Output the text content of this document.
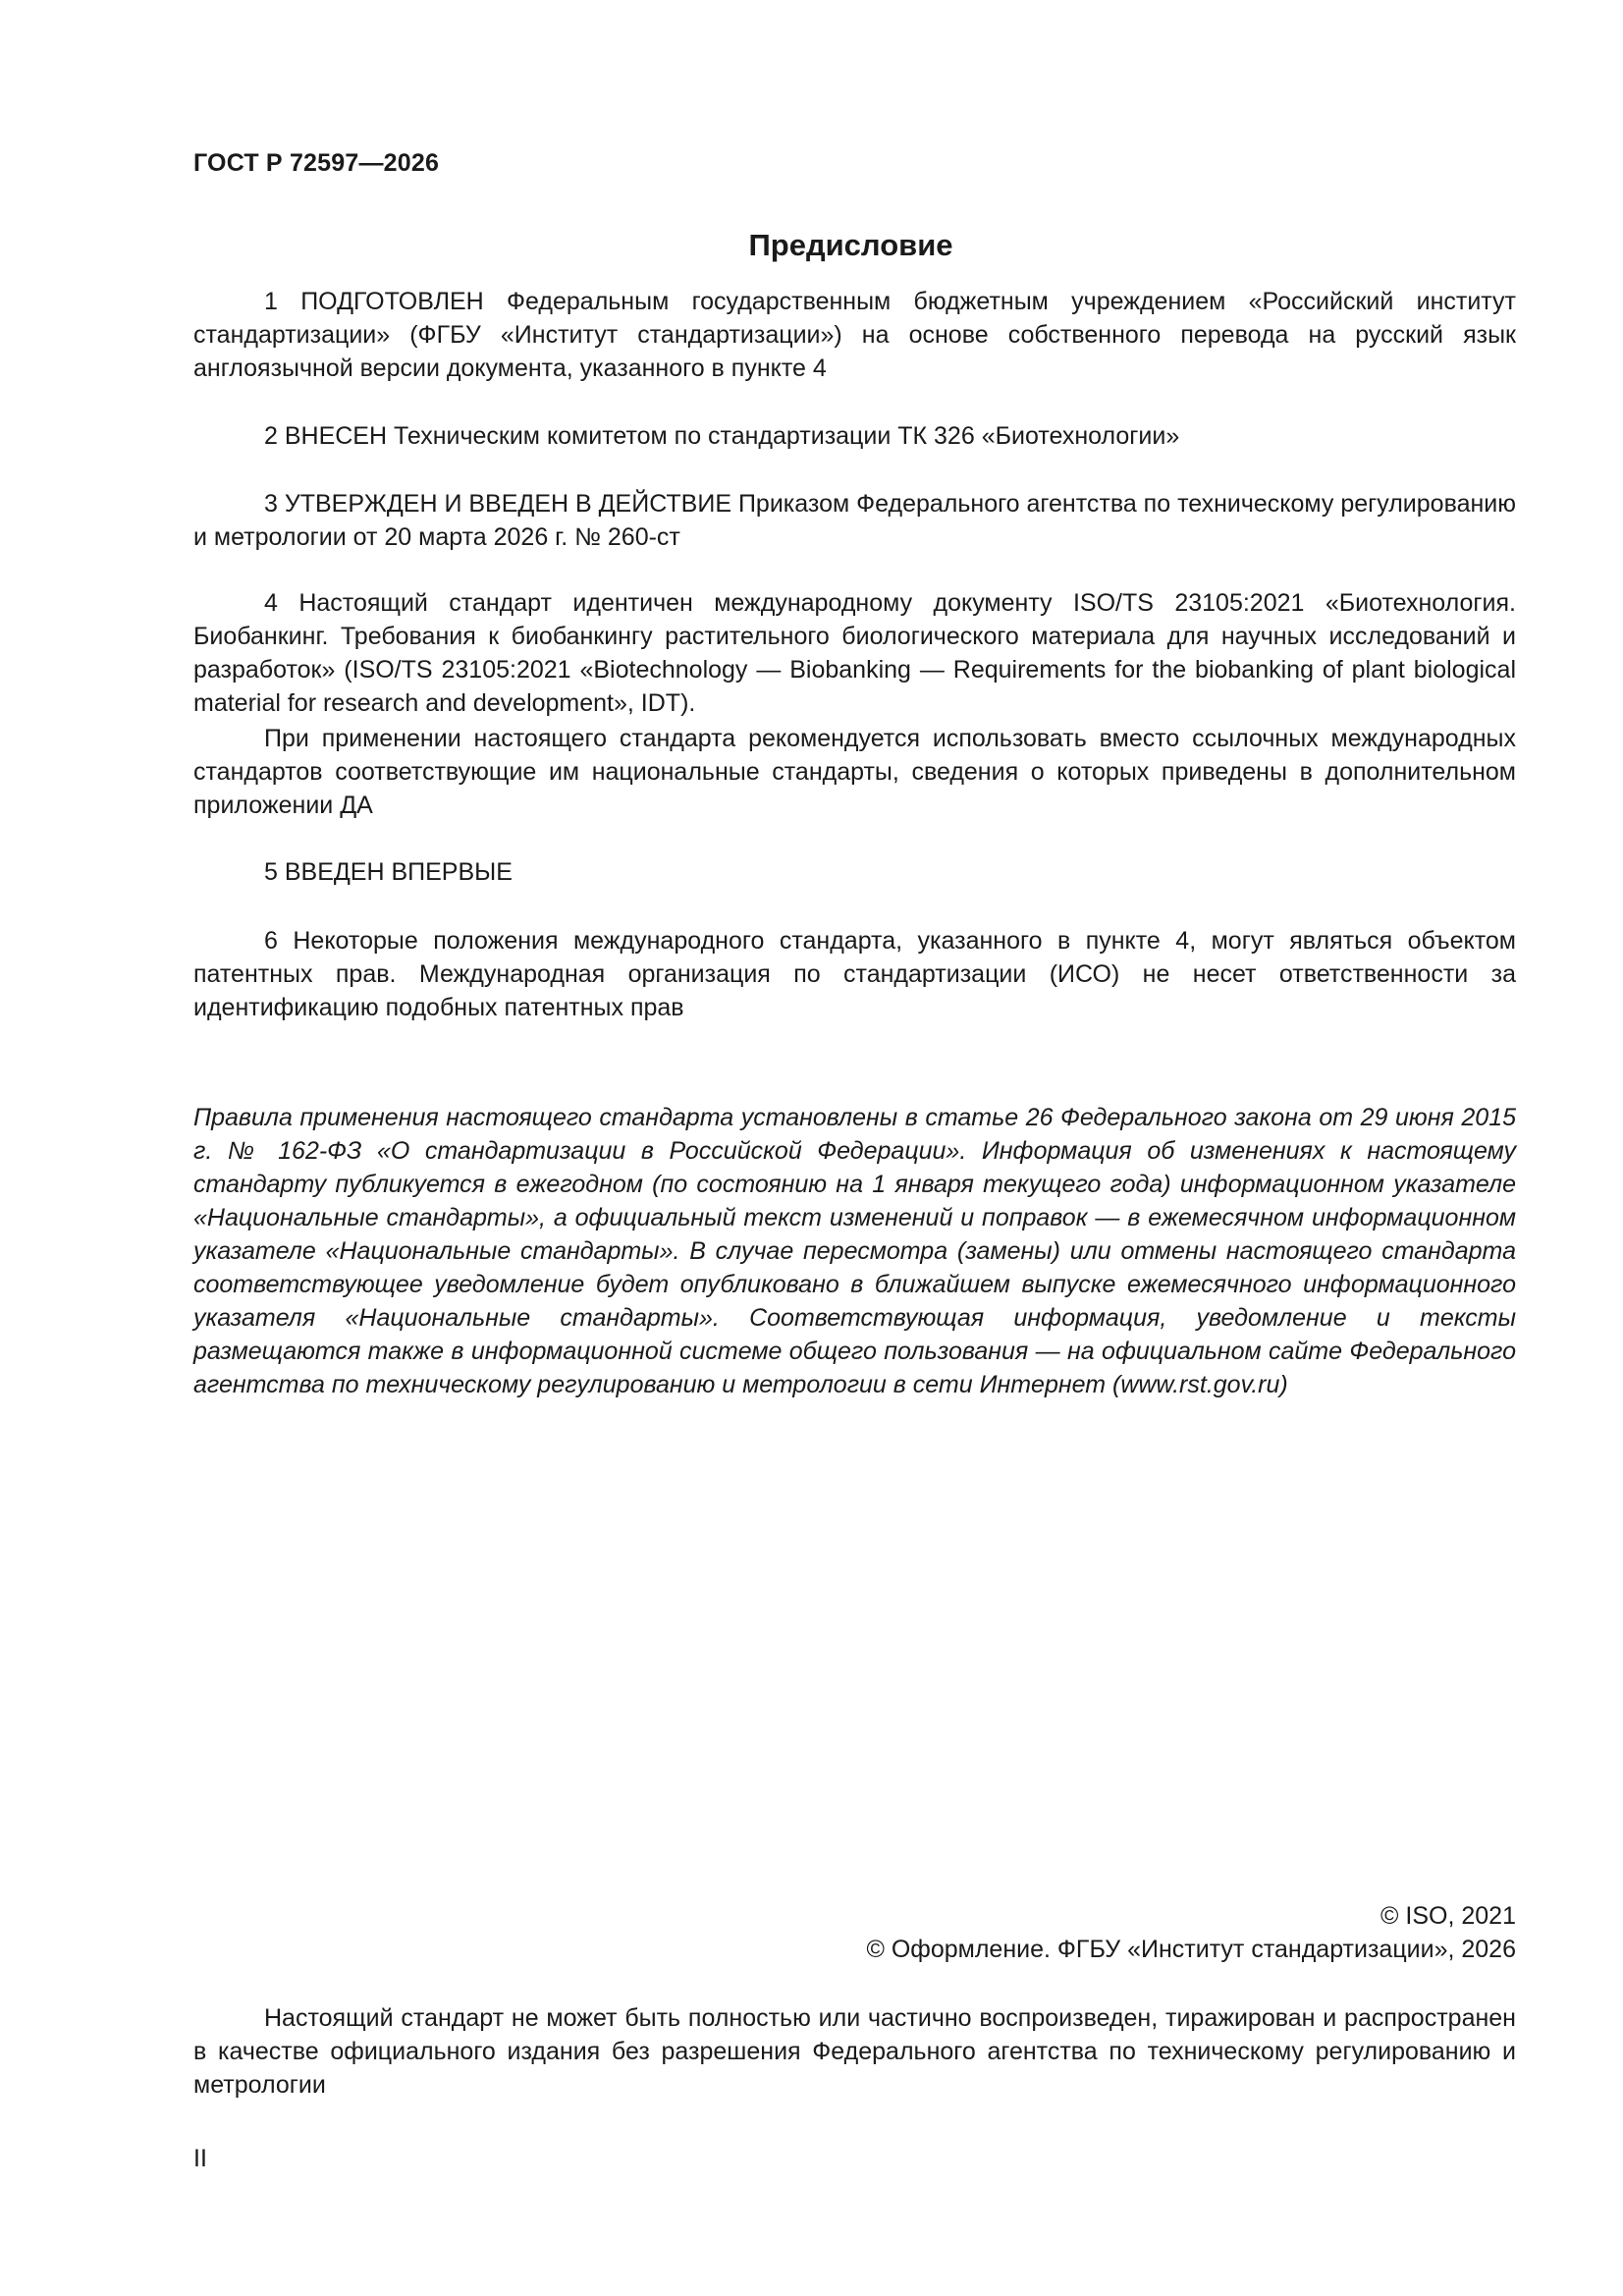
ГОСТ Р 72597—2026
Предисловие

1 ПОДГОТОВЛЕН Федеральным государственным бюджетным учреждением «Российский институт стандартизации» (ФГБУ «Институт стандартизации») на основе собственного перевода на русский язык англоязычной версии документа, указанного в пункте 4

2 ВНЕСЕН Техническим комитетом по стандартизации ТК 326 «Биотехнологии»

3 УТВЕРЖДЕН И ВВЕДЕН В ДЕЙСТВИЕ Приказом Федерального агентства по техническому регулированию и метрологии от 20 марта 2026 г. № 260-ст

4 Настоящий стандарт идентичен международному документу ISO/TS 23105:2021 «Биотехнология. Биобанкинг. Требования к биобанкингу растительного биологического материала для научных исследований и разработок» (ISO/TS 23105:2021 «Biotechnology — Biobanking — Requirements for the biobanking of plant biological material for research and development», IDT).

При применении настоящего стандарта рекомендуется использовать вместо ссылочных международных стандартов соответствующие им национальные стандарты, сведения о которых приведены в дополнительном приложении ДА

5 ВВЕДЕН ВПЕРВЫЕ

6 Некоторые положения международного стандарта, указанного в пункте 4, могут являться объектом патентных прав. Международная организация по стандартизации (ИСО) не несет ответственности за идентификацию подобных патентных прав

Правила применения настоящего стандарта установлены в статье 26 Федерального закона от 29 июня 2015 г. № 162-ФЗ «О стандартизации в Российской Федерации». Информация об изменениях к настоящему стандарту публикуется в ежегодном (по состоянию на 1 января текущего года) информационном указателе «Национальные стандарты», а официальный текст изменений и поправок — в ежемесячном информационном указателе «Национальные стандарты». В случае пересмотра (замены) или отмены настоящего стандарта соответствующее уведомление будет опубликовано в ближайшем выпуске ежемесячного информационного указателя «Национальные стандарты». Соответствующая информация, уведомление и тексты размещаются также в информационной системе общего пользования — на официальном сайте Федерального агентства по техническому регулированию и метрологии в сети Интернет (www.rst.gov.ru)
© ISO, 2021
© Оформление. ФГБУ «Институт стандартизации», 2026

Настоящий стандарт не может быть полностью или частично воспроизведен, тиражирован и распространен в качестве официального издания без разрешения Федерального агентства по техническому регулированию и метрологии

II
